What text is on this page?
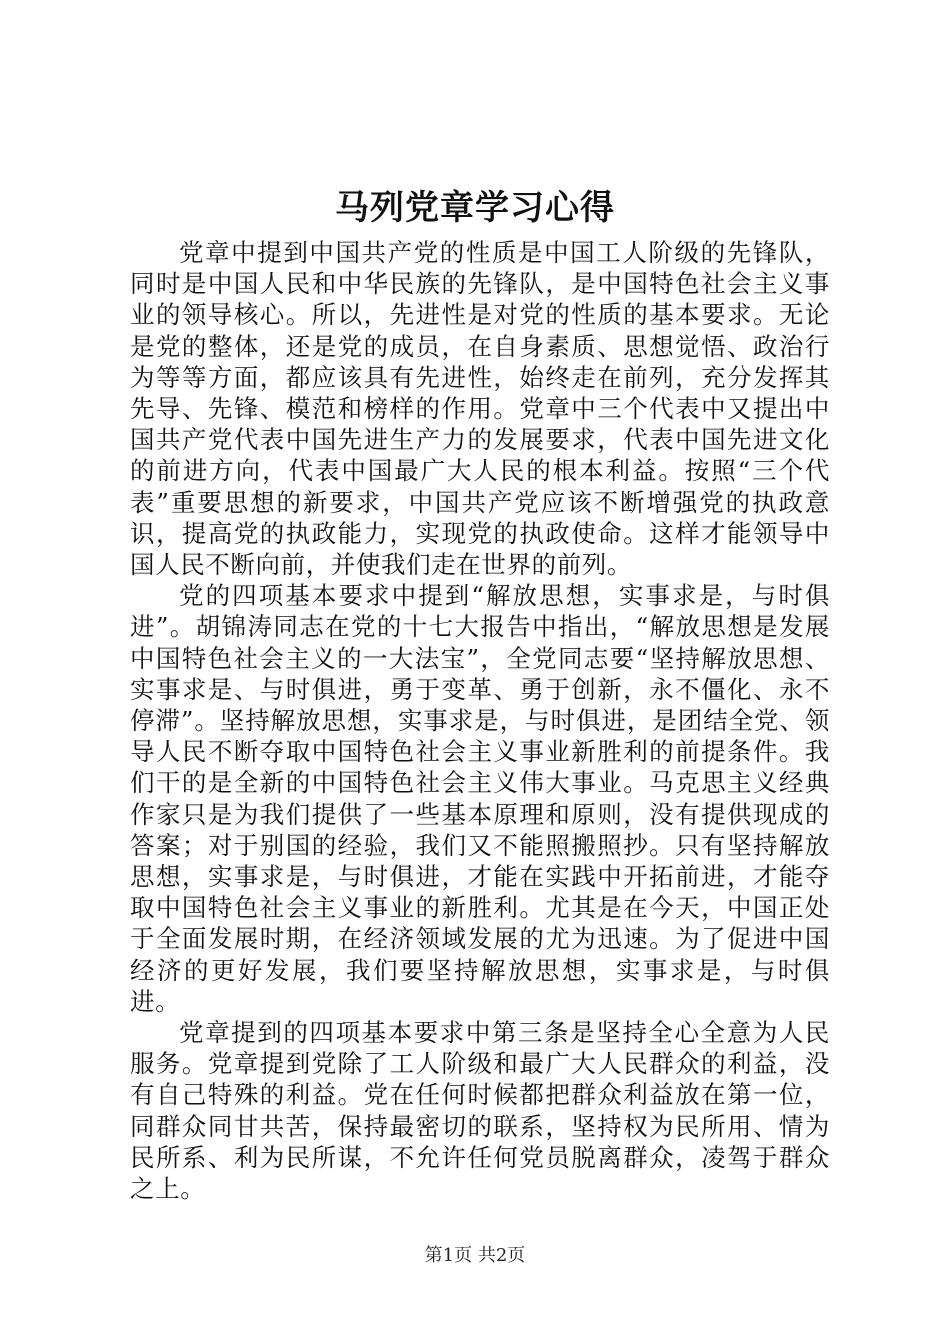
马列党章学习心得

党章中提到中国共产党的性质是中国工人阶级的先锋队，同时是中国人民和中华民族的先锋队，是中国特色社会主义事业的领导核心。所以，先进性是对党的性质的基本要求。无论是党的整体，还是党的成员，在自身素质、思想觉悟、政治行为等等方面，都应该具有先进性，始终走在前列，充分发挥其先导、先锋、模范和榜样的作用。党章中三个代表中又提出中国共产党代表中国先进生产力的发展要求，代表中国先进文化的前进方向，代表中国最广大人民的根本利益。按照“三个代表”重要思想的新要求，中国共产党应该不断增强党的执政意识，提高党的执政能力，实现党的执政使命。这样才能领导中国人民不断向前，并使我们走在世界的前列。

党的四项基本要求中提到“解放思想，实事求是，与时俱进”。胡锦涛同志在党的十七大报告中指出，“解放思想是发展中国特色社会主义的一大法宝”，全党同志要“坚持解放思想、实事求是、与时俱进，勇于变革、勇于创新，永不僵化、永不停滞”。坚持解放思想，实事求是，与时俱进，是团结全党、领导人民不断夺取中国特色社会主义事业新胜利的前提条件。我们干的是全新的中国特色社会主义伟大事业。马克思主义经典作家只是为我们提供了一些基本原理和原则，没有提供现成的答案；对于别国的经验，我们又不能照搬照抄。只有坚持解放思想，实事求是，与时俱进，才能在实践中开拓前进，才能夺取中国特色社会主义事业的新胜利。尤其是在今天，中国正处于全面发展时期，在经济领域发展的尤为迅速。为了促进中国经济的更好发展，我们要坚持解放思想，实事求是，与时俱进。

党章提到的四项基本要求中第三条是坚持全心全意为人民服务。党章提到党除了工人阶级和最广大人民群众的利益，没有自己特殊的利益。党在任何时候都把群众利益放在第一位，同群众同甘共苦，保持最密切的联系，坚持权为民所用、情为民所系、利为民所谋，不允许任何党员脱离群众，凌驾于群众之上。

第1页 共2页
